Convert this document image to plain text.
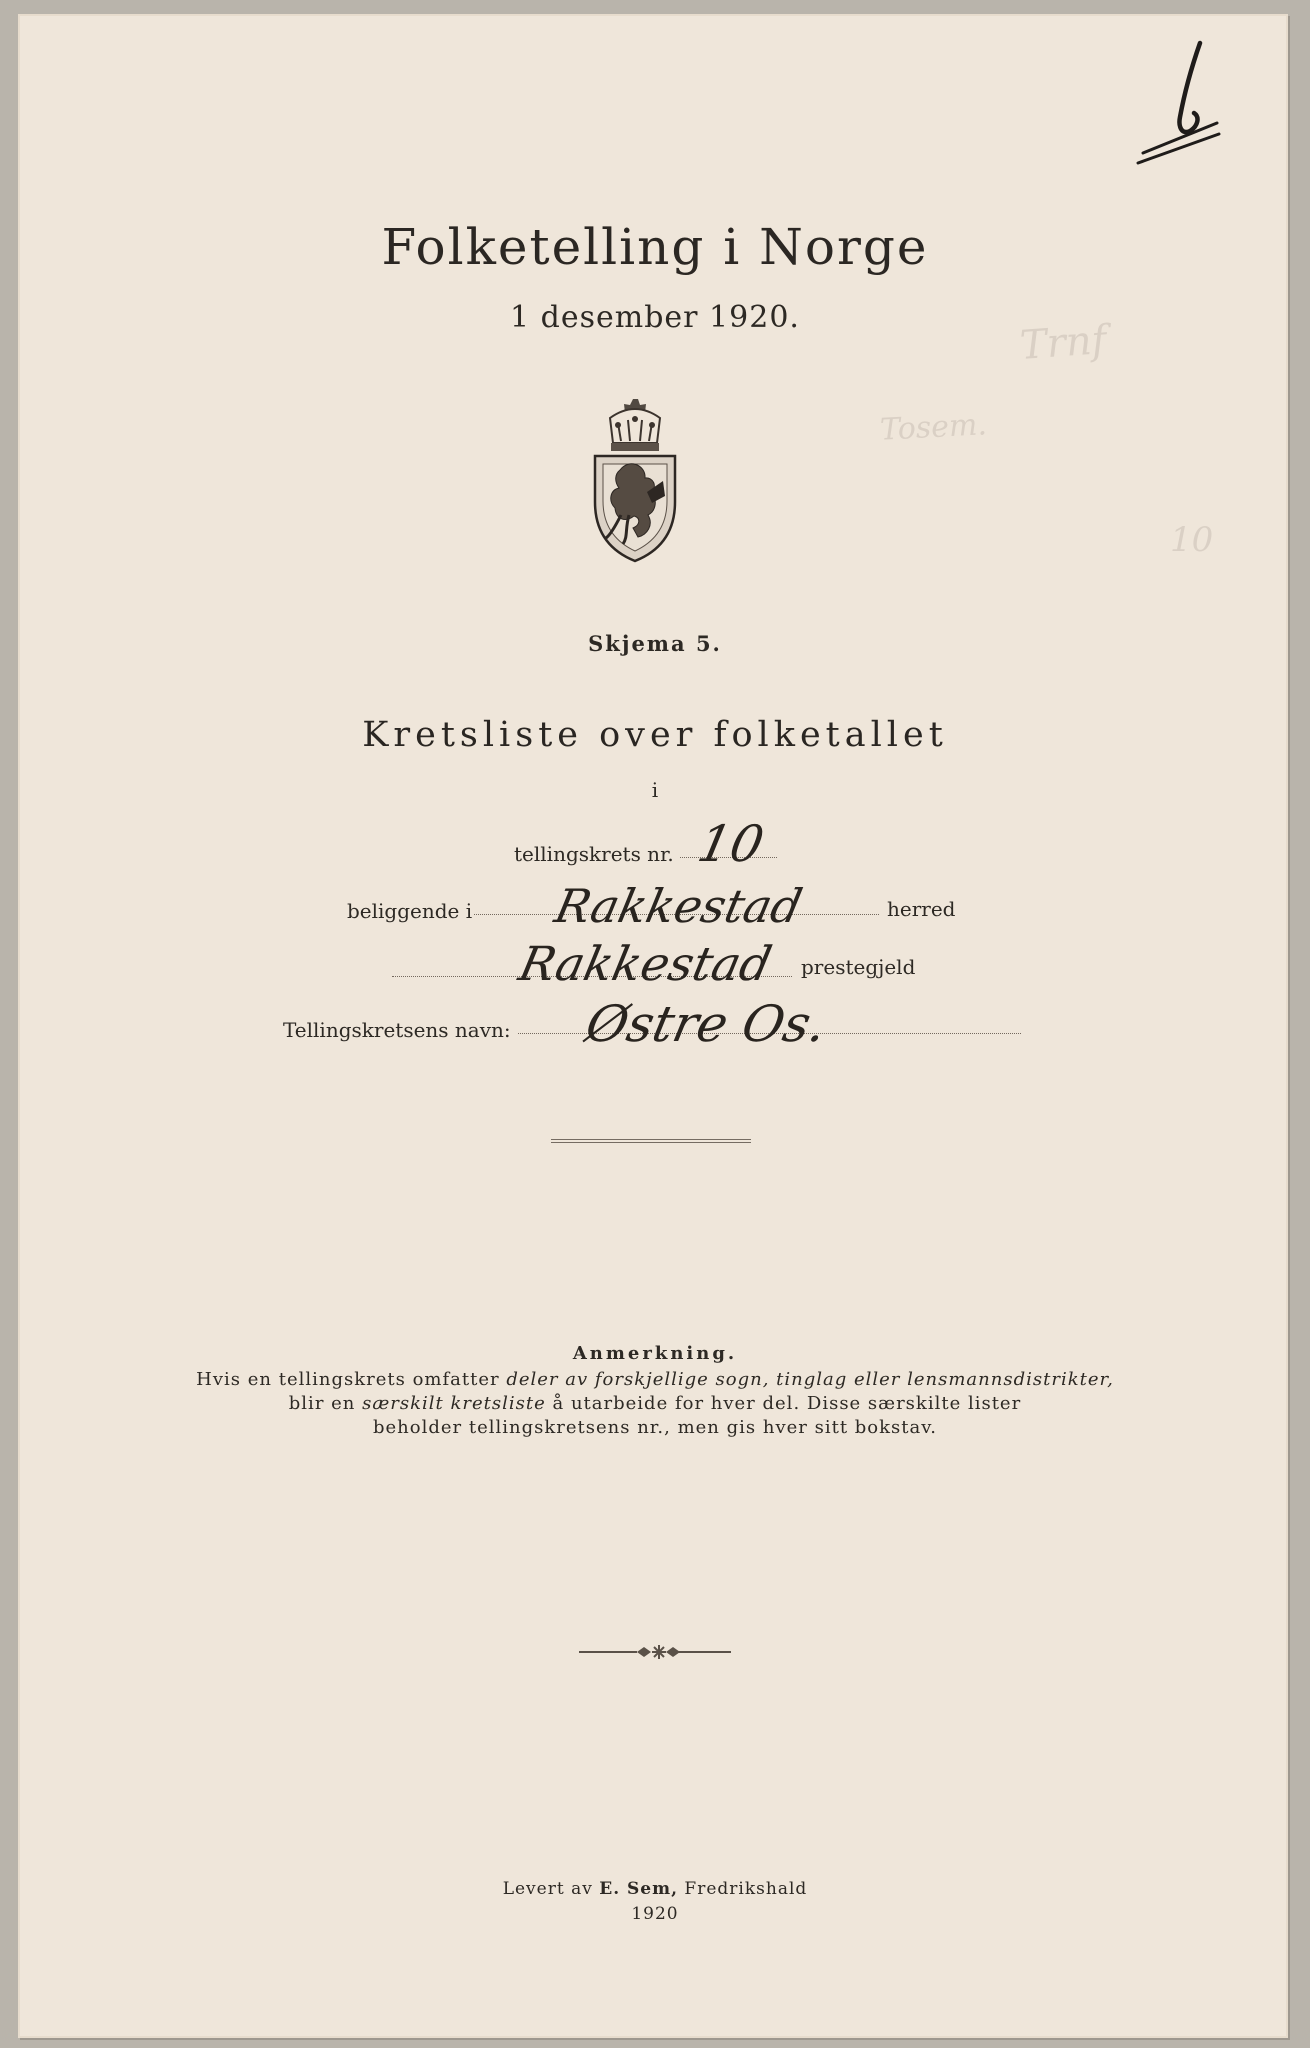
Trnf
Tosem.
10
Folketelling i Norge
1 desember 1920.
Skjema 5.
Kretsliste over folketallet
i
tellingskrets nr. 10
beliggende i Rakkestad	herred
Rakkestad prestegjeld
Tellingskretsens navn: Østre Os.
Anmerkning.
Hvis en tellingskrets omfatter deler av forskjellige sogn, tinglag eller lensmannsdistrikter,
blir en særskilt kretsliste å utarbeide for hver del. Disse særskilte lister
beholder tellingskretsens nr., men gis hver sitt bokstav.
Levert av E. Sem, Fredrikshald
1920
